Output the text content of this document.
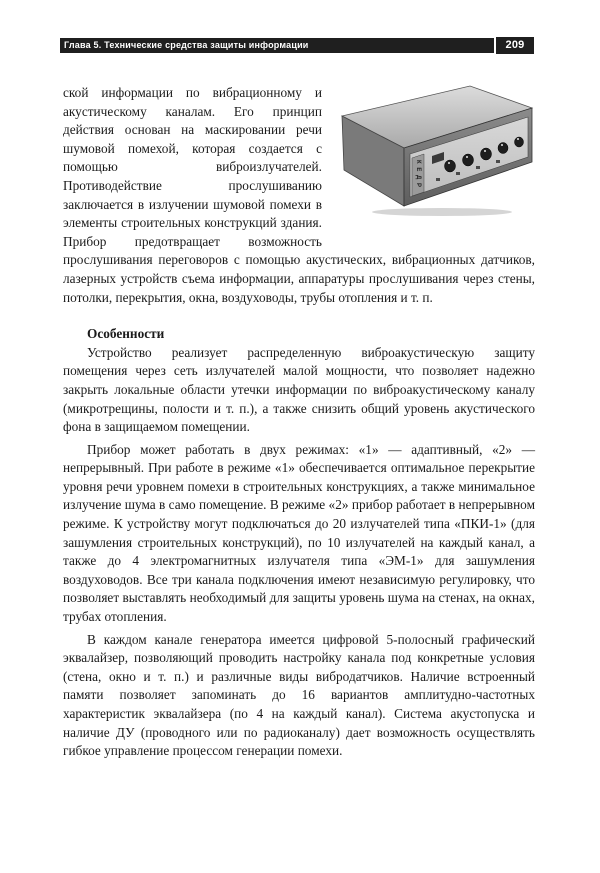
Глава 5. Технические средства защиты информации	209
К Е Д Р

ской информации по вибрационному и акустическому каналам. Его принцип действия основан на маскировании речи шумовой помехой, которая создается с помощью виброизлучателей. Противодействие прослушиванию заключается в излучении шумовой помехи в элементы строительных конструкций здания. Прибор предотвращает возможность прослушивания переговоров с помощью акустических, вибрационных датчиков, лазерных устройств съема информации, аппаратуры прослушивания через стены, потолки, перекрытия, окна, воздуховоды, трубы отопления и т. п.

Особенности

Устройство реализует распределенную виброакустическую защиту помещения через сеть излучателей малой мощности, что позволяет надежно закрыть локальные области утечки информации по виброакустическому каналу (микротрещины, полости и т. п.), а также снизить общий уровень акустического фона в защищаемом помещении.

Прибор может работать в двух режимах: «1» — адаптивный, «2» — непрерывный. При работе в режиме «1» обеспечивается оптимальное перекрытие уровня речи уровнем помехи в строительных конструкциях, а также минимальное излучение шума в само помещение. В режиме «2» прибор работает в непрерывном режиме. К устройству могут подключаться до 20 излучателей типа «ПКИ-1» (для зашумления строительных конструкций), по 10 излучателей на каждый канал, а также до 4 электромагнитных излучателя типа «ЭМ-1» для зашумления воздуховодов. Все три канала подключения имеют независимую регулировку, что позволяет выставлять необходимый для защиты уровень шума на стенах, на окнах, трубах отопления.

В каждом канале генератора имеется цифровой 5-полосный графический эквалайзер, позволяющий проводить настройку канала под конкретные условия (стена, окно и т. п.) и различные виды вибродатчиков. Наличие встроенный памяти позволяет запоминать до 16 вариантов амплитудно-частотных характеристик эквалайзера (по 4 на каждый канал). Система акустопуска и наличие ДУ (проводного или по радиоканалу) дает возможность осуществлять гибкое управление процессом генерации помехи.
